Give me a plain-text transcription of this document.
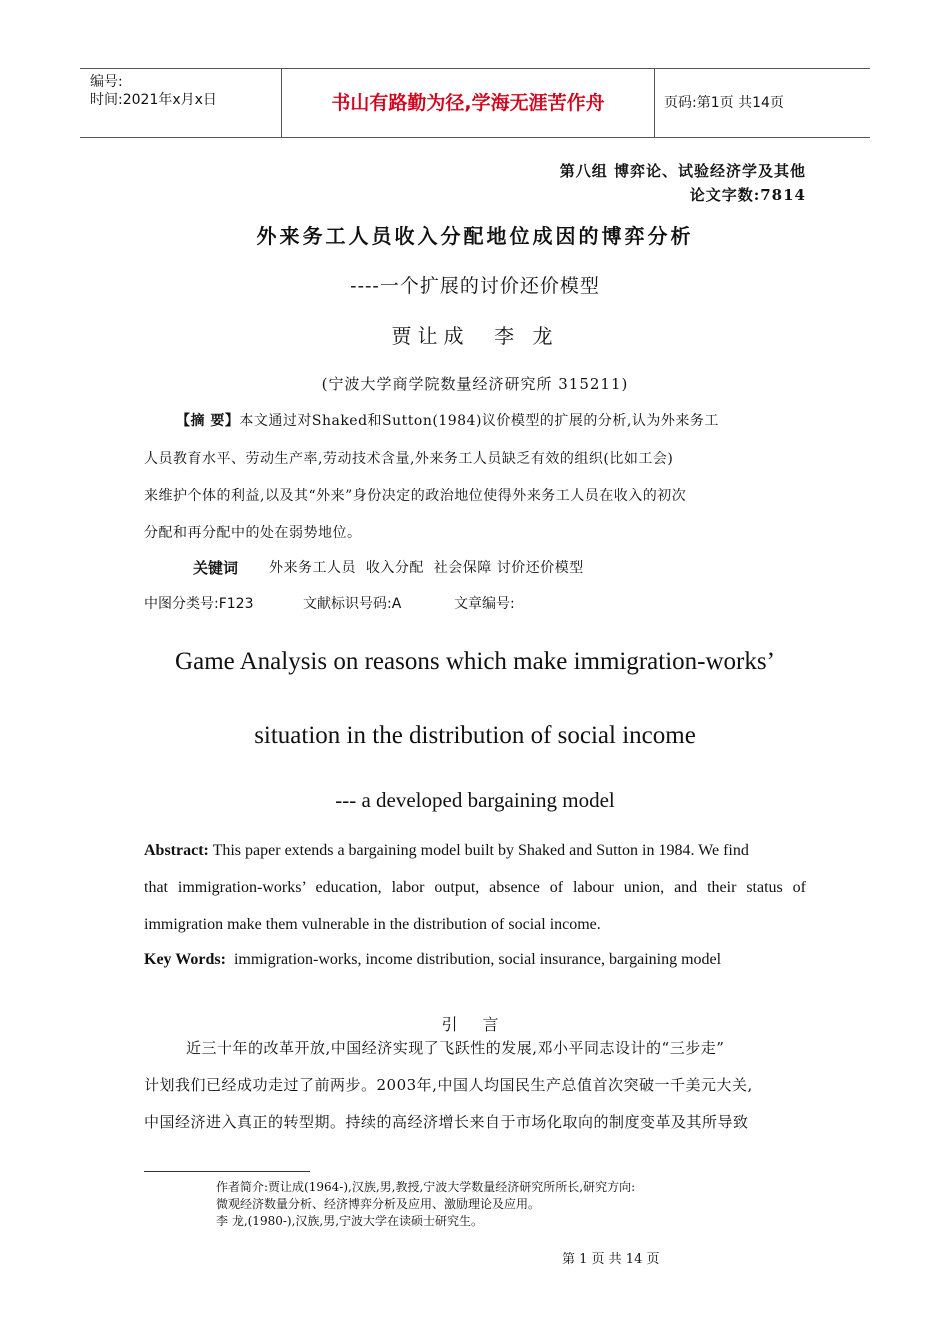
编号:
时间:2021年x月x日	书山有路勤为径,学海无涯苦作舟	页码:第1页 共14页
第八组 博弈论、试验经济学及其他
论文字数:7814
外来务工人员收入分配地位成因的博弈分析
----一个扩展的讨价还价模型
贾让成  李 龙
(宁波大学商学院数量经济研究所 315211)
【摘 要】本文通过对Shaked和Sutton(1984)议价模型的扩展的分析,认为外来务工
人员教育水平、劳动生产率,劳动技术含量,外来务工人员缺乏有效的组织(比如工会)
来维护个体的利益,以及其“外来”身份决定的政治地位使得外来务工人员在收入的初次
分配和再分配中的处在弱势地位。
关键词 外来务工人员  收入分配  社会保障 讨价还价模型
中图分类号:F123	文献标识号码:A	文章编号:
Game Analysis on reasons which make immigration-works’
situation in the distribution of social income
--- a developed bargaining model
Abstract: This paper extends a bargaining model built by Shaked and Sutton in 1984. We find
that immigration-works’ education, labor output, absence of labour union, and their status of
immigration make them vulnerable in the distribution of social income.
Key Words:  immigration-works, income distribution, social insurance, bargaining model
引 言
近三十年的改革开放,中国经济实现了飞跃性的发展,邓小平同志设计的“三步走”
计划我们已经成功走过了前两步。2003年,中国人均国民生产总值首次突破一千美元大关,
中国经济进入真正的转型期。持续的高经济增长来自于市场化取向的制度变革及其所导致
作者简介:贾让成(1964-),汉族,男,教授,宁波大学数量经济研究所所长,研究方向:
微观经济数量分析、经济博弈分析及应用、激励理论及应用。
李 龙,(1980-),汉族,男,宁波大学在读硕士研究生。
第 1 页 共 14 页
